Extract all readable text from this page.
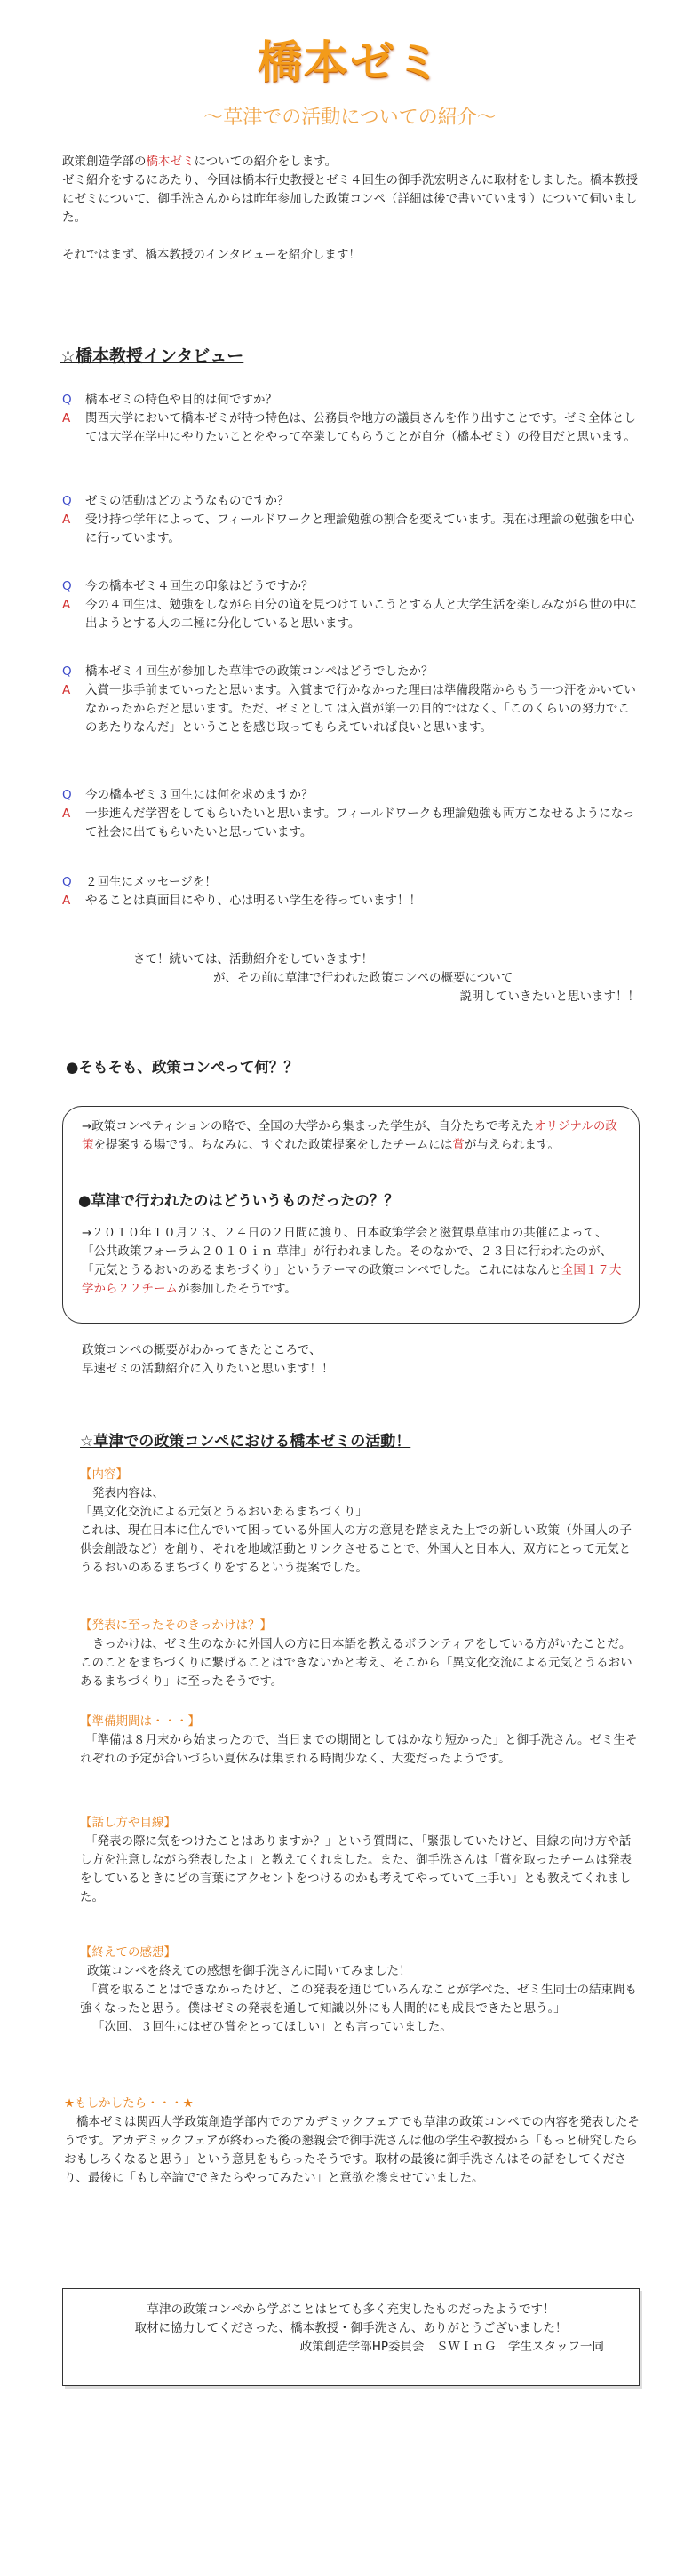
橋本ゼミ
～草津での活動についての紹介～

政策創造学部の橋本ゼミについての紹介をします。

ゼミ紹介をするにあたり、今回は橋本行史教授とゼミ４回生の御手洗宏明さんに取材をしました。橋本教授にゼミについて、御手洗さんからは昨年参加した政策コンペ（詳細は後で書いています）について伺いました。

それではまず、橋本教授のインタビューを紹介します！

☆橋本教授インタビュー

Q 橋本ゼミの特色や目的は何ですか？

A 関西大学において橋本ゼミが持つ特色は、公務員や地方の議員さんを作り出すことです。ゼミ全体としては大学在学中にやりたいことをやって卒業してもらうことが自分（橋本ゼミ）の役目だと思います。

Q ゼミの活動はどのようなものですか？

A 受け持つ学年によって、フィールドワークと理論勉強の割合を変えています。現在は理論の勉強を中心に行っています。

Q 今の橋本ゼミ４回生の印象はどうですか？

A 今の４回生は、勉強をしながら自分の道を見つけていこうとする人と大学生活を楽しみながら世の中に出ようとする人の二極に分化していると思います。

Q 橋本ゼミ４回生が参加した草津での政策コンペはどうでしたか？

A 入賞一歩手前までいったと思います。入賞まで行かなかった理由は準備段階からもう一つ汗をかいていなかったからだと思います。ただ、ゼミとしては入賞が第一の目的ではなく、「このくらいの努力でこのあたりなんだ」ということを感じ取ってもらえていれば良いと思います。

Q 今の橋本ゼミ３回生には何を求めますか？

A 一歩進んだ学習をしてもらいたいと思います。フィールドワークも理論勉強も両方こなせるようになって社会に出てもらいたいと思っています。

Q ２回生にメッセージを！

A やることは真面目にやり、心は明るい学生を待っています！！

さて！続いては、活動紹介をしていきます！

が、その前に草津で行われた政策コンペの概要について

説明していきたいと思います！！

●そもそも、政策コンペって何？？

→政策コンペティションの略で、全国の大学から集まった学生が、自分たちで考えたオリジナルの政策を提案する場です。ちなみに、すぐれた政策提案をしたチームには賞が与えられます。

●草津で行われたのはどういうものだったの？？

→２０１０年１０月２３、２４日の２日間に渡り、日本政策学会と滋賀県草津市の共催によって、「公共政策フォーラム２０１０ｉｎ 草津」が行われました。そのなかで、２３日に行われたのが、「元気とうるおいのあるまちづくり」というテーマの政策コンペでした。これにはなんと全国１７大学から２２チームが参加したそうです。

政策コンペの概要がわかってきたところで、

早速ゼミの活動紹介に入りたいと思います！！

☆草津での政策コンペにおける橋本ゼミの活動！

【内容】

発表内容は、

「異文化交流による元気とうるおいあるまちづくり」

これは、現在日本に住んでいて困っている外国人の方の意見を踏まえた上での新しい政策（外国人の子供会創設など）を創り、それを地域活動とリンクさせることで、外国人と日本人、双方にとって元気とうるおいのあるまちづくりをするという提案でした。

【発表に至ったそのきっかけは？】

きっかけは、ゼミ生のなかに外国人の方に日本語を教えるボランティアをしている方がいたことだ。このことをまちづくりに繋げることはできないかと考え、そこから「異文化交流による元気とうるおいあるまちづくり」に至ったそうです。

【準備期間は・・・】

「準備は８月末から始まったので、当日までの期間としてはかなり短かった」と御手洗さん。ゼミ生それぞれの予定が合いづらい夏休みは集まれる時間少なく、大変だったようです。

【話し方や目線】

「発表の際に気をつけたことはありますか？」という質問に、「緊張していたけど、目線の向け方や話し方を注意しながら発表したよ」と教えてくれました。また、御手洗さんは「賞を取ったチームは発表をしているときにどの言葉にアクセントをつけるのかも考えてやっていて上手い」とも教えてくれました。

【終えての感想】

政策コンペを終えての感想を御手洗さんに聞いてみました！

「賞を取ることはできなかったけど、この発表を通じていろんなことが学べた、ゼミ生同士の結束間も強くなったと思う。僕はゼミの発表を通して知識以外にも人間的にも成長できたと思う。」

「次回、３回生にはぜひ賞をとってほしい」とも言っていました。

★もしかしたら・・・★

橋本ゼミは関西大学政策創造学部内でのアカデミックフェアでも草津の政策コンペでの内容を発表したそうです。アカデミックフェアが終わった後の懇親会で御手洗さんは他の学生や教授から「もっと研究したらおもしろくなると思う」という意見をもらったそうです。取材の最後に御手洗さんはその話をしてくださり、最後に「もし卒論でできたらやってみたい」と意欲を滲ませていました。

草津の政策コンペから学ぶことはとても多く充実したものだったようです！

取材に協力してくださった、橋本教授・御手洗さん、ありがとうございました！

政策創造学部HP委員会　ＳＷＩｎＧ　学生スタッフ一同
